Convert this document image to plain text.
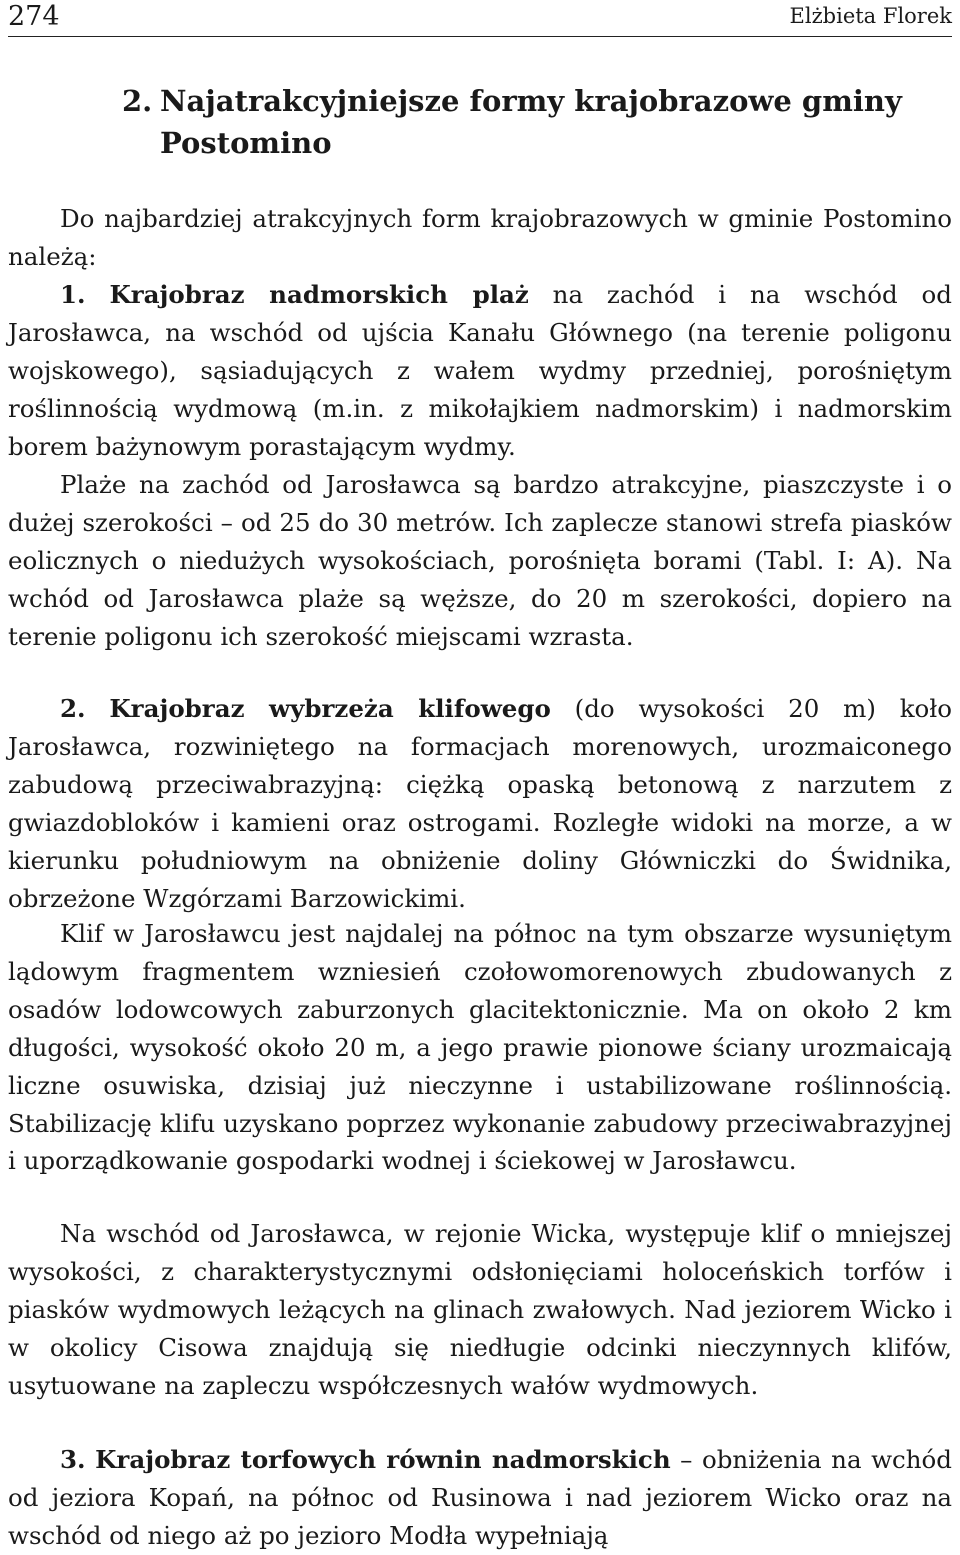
274	Elżbieta Florek
2. Najatrakcyjniejsze formy krajobrazowe gminy
Postomino

Do najbardziej atrakcyjnych form krajobrazowych w gminie Postomino należą:

1. Krajobraz nadmorskich plaż na zachód i na wschód od Jarosławca, na wschód od ujścia Kanału Głównego (na terenie poligonu wojskowego), sąsiadujących z wałem wydmy przedniej, porośniętym roślinnością wydmową (m.in. z mikołajkiem nadmorskim) i nadmorskim borem bażynowym porastającym wydmy.

Plaże na zachód od Jarosławca są bardzo atrakcyjne, piaszczyste i o dużej szerokości – od 25 do 30 metrów. Ich zaplecze stanowi strefa piasków eolicznych o niedużych wysokościach, porośnięta borami (Tabl. I: A). Na wchód od Jarosławca plaże są węższe, do 20 m szerokości, dopiero na terenie poligonu ich szerokość miejscami wzrasta.

2. Krajobraz wybrzeża klifowego (do wysokości 20 m) koło Jarosławca, rozwiniętego na formacjach morenowych, urozmaiconego zabudową przeciwabrazyjną: ciężką opaską betonową z narzutem z gwiazdobloków i kamieni oraz ostrogami. Rozległe widoki na morze, a w kierunku południowym na obniżenie doliny Główniczki do Świdnika, obrzeżone Wzgórzami Barzowickimi.

Klif w Jarosławcu jest najdalej na północ na tym obszarze wysuniętym lądowym fragmentem wzniesień czołowomorenowych zbudowanych z osadów lodowcowych zaburzonych glacitektonicznie. Ma on około 2 km długości, wysokość około 20 m, a jego prawie pionowe ściany urozmaicają liczne osuwiska, dzisiaj już nieczynne i ustabilizowane roślinnością. Stabilizację klifu uzyskano poprzez wykonanie zabudowy przeciwabrazyjnej i uporządkowanie gospodarki wodnej i ściekowej w Jarosławcu.

Na wschód od Jarosławca, w rejonie Wicka, występuje klif o mniejszej wysokości, z charakterystycznymi odsłonięciami holoceńskich torfów i piasków wydmowych leżących na glinach zwałowych. Nad jeziorem Wicko i w okolicy Cisowa znajdują się niedługie odcinki nieczynnych klifów, usytuowane na zapleczu współczesnych wałów wydmowych.

3. Krajobraz torfowych równin nadmorskich – obniżenia na wchód od jeziora Kopań, na północ od Rusinowa i nad jeziorem Wicko oraz na wschód od niego aż po jezioro Modła wypełniają
